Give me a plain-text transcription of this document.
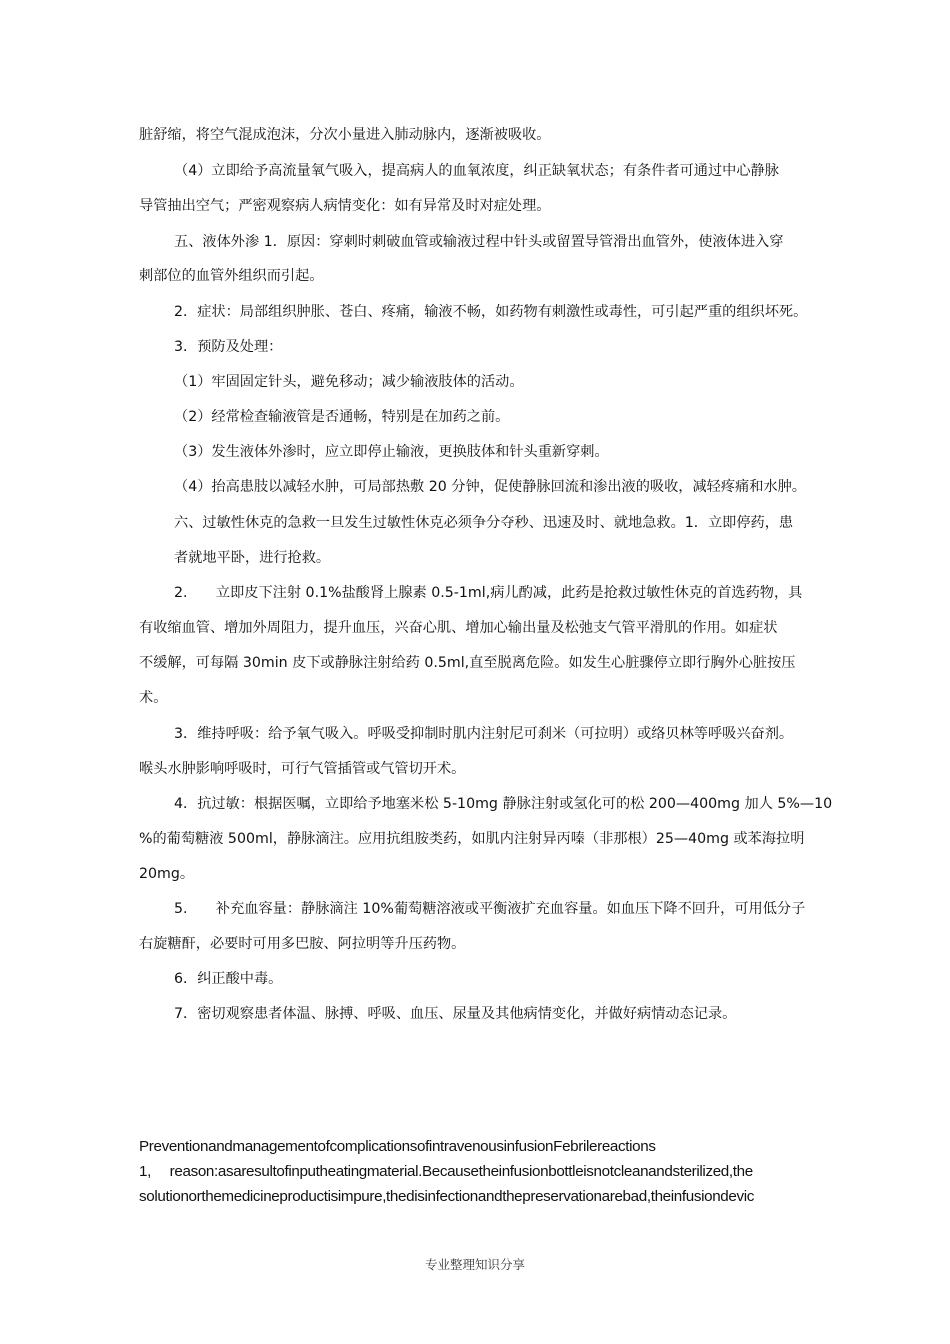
脏舒缩，将空气混成泡沫，分次小量进入肺动脉内，逐渐被吸收。
（4）立即给予高流量氧气吸入，提高病人的血氧浓度，纠正缺氧状态；有条件者可通过中心静脉
导管抽出空气；严密观察病人病情变化：如有异常及时对症处理。
五、液体外渗 1．原因：穿刺时刺破血管或输液过程中针头或留置导管滑出血管外，使液体进入穿
刺部位的血管外组织而引起。
2．症状：局部组织肿胀、苍白、疼痛，输液不畅，如药物有刺激性或毒性，可引起严重的组织坏死。
3．预防及处理：
（1）牢固固定针头，避免移动；减少输液肢体的活动。
（2）经常检查输液管是否通畅，特别是在加药之前。
（3）发生液体外渗时，应立即停止输液，更换肢体和针头重新穿刺。
（4）抬高患肢以减轻水肿，可局部热敷 20 分钟，促使静脉回流和渗出液的吸收，减轻疼痛和水肿。
六、过敏性休克的急救一旦发生过敏性休克必须争分夺秒、迅速及时、就地急救。1．立即停药，患
者就地平卧，进行抢救。
2.　　立即皮下注射 0.1%盐酸肾上腺素 0.5-1ml,病儿酌减，此药是抢救过敏性休克的首选药物，具
有收缩血管、增加外周阻力，提升血压，兴奋心肌、增加心输出量及松弛支气管平滑肌的作用。如症状
不缓解，可每隔 30min 皮下或静脉注射给药 0.5ml,直至脱离危险。如发生心脏骤停立即行胸外心脏按压
术。
3．维持呼吸：给予氧气吸入。呼吸受抑制时肌内注射尼可刹米（可拉明）或络贝林等呼吸兴奋剂。
喉头水肿影响呼吸时，可行气管插管或气管切开术。
4．抗过敏：根据医嘱，立即给予地塞米松 5-10mg 静脉注射或氢化可的松 200—400mg 加人 5%—10
%的葡萄糖液 500ml，静脉滴注。应用抗组胺类药，如肌内注射异丙嗪（非那根）25—40mg 或苯海拉明
20mg。
5.　　补充血容量：静脉滴注 10%葡萄糖溶液或平衡液扩充血容量。如血压下降不回升，可用低分子
右旋糖酐，必要时可用多巴胺、阿拉明等升压药物。
6．纠正酸中毒。
7．密切观察患者体温、脉搏、呼吸、血压、尿量及其他病情变化，并做好病情动态记录。
PreventionandmanagementofcomplicationsofintravenousinfusionFebrilereactions
1,　 reason:asaresultofinputheatingmaterial.Becausetheinfusionbottleisnotcleanandsterilized,the
solutionorthemedicineproductisimpure,thedisinfectionandthepreservationarebad,theinfusiondevic
专业整理知识分享
